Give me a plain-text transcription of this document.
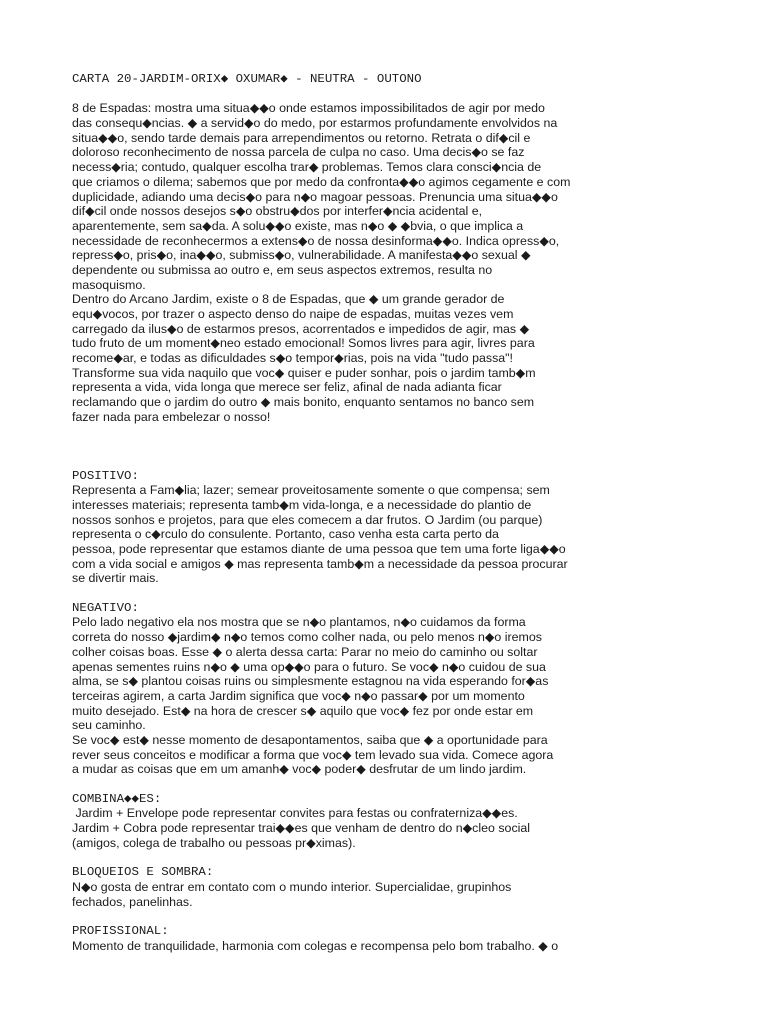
CARTA 20-JARDIM-ORIX◆ OXUMAR◆ - NEUTRA - OUTONO
8 de Espadas: mostra uma situa◆◆o onde estamos impossibilitados de agir por medo
das consequ◆ncias. ◆ a servid◆o do medo, por estarmos profundamente envolvidos na
situa◆◆o, sendo tarde demais para arrependimentos ou retorno. Retrata o dif◆cil e
doloroso reconhecimento de nossa parcela de culpa no caso. Uma decis◆o se faz
necess◆ria; contudo, qualquer escolha trar◆ problemas. Temos clara consci◆ncia de
que criamos o dilema; sabemos que por medo da confronta◆◆o agimos cegamente e com
duplicidade, adiando uma decis◆o para n◆o magoar pessoas. Prenuncia uma situa◆◆o
dif◆cil onde nossos desejos s◆o obstru◆dos por interfer◆ncia acidental e,
aparentemente, sem sa◆da. A solu◆◆o existe, mas n◆o ◆ ◆bvia, o que implica a
necessidade de reconhecermos a extens◆o de nossa desinforma◆◆o. Indica opress◆o,
repress◆o, pris◆o, ina◆◆o, submiss◆o, vulnerabilidade. A manifesta◆◆o sexual ◆
dependente ou submissa ao outro e, em seus aspectos extremos, resulta no
masoquismo.
Dentro do Arcano Jardim, existe o 8 de Espadas, que ◆ um grande gerador de
equ◆vocos, por trazer o aspecto denso do naipe de espadas, muitas vezes vem
carregado da ilus◆o de estarmos presos, acorrentados e impedidos de agir, mas ◆
tudo fruto de um moment◆neo estado emocional! Somos livres para agir, livres para
recome◆ar, e todas as dificuldades s◆o tempor◆rias, pois na vida "tudo passa"!
Transforme sua vida naquilo que voc◆ quiser e puder sonhar, pois o jardim tamb◆m
representa a vida, vida longa que merece ser feliz, afinal de nada adianta ficar
reclamando que o jardim do outro ◆ mais bonito, enquanto sentamos no banco sem
fazer nada para embelezar o nosso!
POSITIVO:
Representa a Fam◆lia; lazer; semear proveitosamente somente o que compensa; sem
interesses materiais; representa tamb◆m vida-longa, e a necessidade do plantio de
nossos sonhos e projetos, para que eles comecem a dar frutos. O Jardim (ou parque)
representa o c◆rculo do consulente. Portanto, caso venha esta carta perto da
pessoa, pode representar que estamos diante de uma pessoa que tem uma forte liga◆◆o
com a vida social e amigos ◆ mas representa tamb◆m a necessidade da pessoa procurar
se divertir mais.
NEGATIVO:
Pelo lado negativo ela nos mostra que se n◆o plantamos, n◆o cuidamos da forma
correta do nosso ◆jardim◆ n◆o temos como colher nada, ou pelo menos n◆o iremos
colher coisas boas. Esse ◆ o alerta dessa carta: Parar no meio do caminho ou soltar
apenas sementes ruins n◆o ◆ uma op◆◆o para o futuro. Se voc◆ n◆o cuidou de sua
alma, se s◆ plantou coisas ruins ou simplesmente estagnou na vida esperando for◆as
terceiras agirem, a carta Jardim significa que voc◆ n◆o passar◆ por um momento
muito desejado. Est◆ na hora de crescer s◆ aquilo que voc◆ fez por onde estar em
seu caminho.
Se voc◆ est◆ nesse momento de desapontamentos, saiba que ◆ a oportunidade para
rever seus conceitos e modificar a forma que voc◆ tem levado sua vida. Comece agora
a mudar as coisas que em um amanh◆ voc◆ poder◆ desfrutar de um lindo jardim.
COMBINA◆◆ES:
Jardim + Envelope pode representar convites para festas ou confraterniza◆◆es.
Jardim + Cobra pode representar trai◆◆es que venham de dentro do n◆cleo social
(amigos, colega de trabalho ou pessoas pr◆ximas).
BLOQUEIOS E SOMBRA:
N◆o gosta de entrar em contato com o mundo interior. Supercialidae, grupinhos
fechados, panelinhas.
PROFISSIONAL:
Momento de tranquilidade, harmonia com colegas e recompensa pelo bom trabalho. ◆ o
